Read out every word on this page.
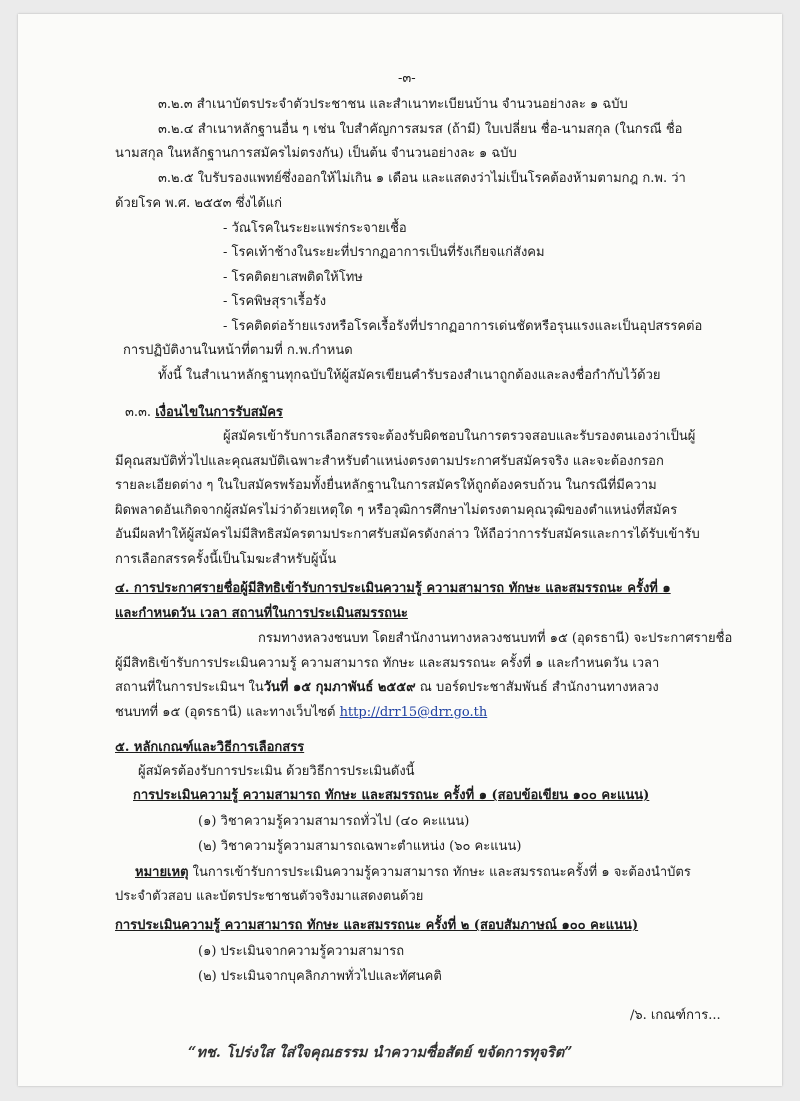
-๓-
๓.๒.๓ สำเนาบัตรประจำตัวประชาชน และสำเนาทะเบียนบ้าน จำนวนอย่างละ ๑ ฉบับ
๓.๒.๔ สำเนาหลักฐานอื่น ๆ เช่น ใบสำคัญการสมรส (ถ้ามี) ใบเปลี่ยน ชื่อ-นามสกุล (ในกรณี ชื่อ
นามสกุล ในหลักฐานการสมัครไม่ตรงกัน) เป็นต้น จำนวนอย่างละ ๑ ฉบับ
๓.๒.๕ ใบรับรองแพทย์ซึ่งออกให้ไม่เกิน ๑ เดือน และแสดงว่าไม่เป็นโรคต้องห้ามตามกฎ ก.พ. ว่า
ด้วยโรค พ.ศ. ๒๕๕๓ ซึ่งได้แก่
- วัณโรคในระยะแพร่กระจายเชื้อ
- โรคเท้าช้างในระยะที่ปรากฏอาการเป็นที่รังเกียจแก่สังคม
- โรคติดยาเสพติดให้โทษ
- โรคพิษสุราเรื้อรัง
- โรคติดต่อร้ายแรงหรือโรคเรื้อรังที่ปรากฏอาการเด่นชัดหรือรุนแรงและเป็นอุปสรรคต่อ
การปฏิบัติงานในหน้าที่ตามที่ ก.พ.กำหนด
ทั้งนี้ ในสำเนาหลักฐานทุกฉบับให้ผู้สมัครเขียนคำรับรองสำเนาถูกต้องและลงชื่อกำกับไว้ด้วย
๓.๓. เงื่อนไขในการรับสมัคร
ผู้สมัครเข้ารับการเลือกสรรจะต้องรับผิดชอบในการตรวจสอบและรับรองตนเองว่าเป็นผู้
มีคุณสมบัติทั่วไปและคุณสมบัติเฉพาะสำหรับตำแหน่งตรงตามประกาศรับสมัครจริง และจะต้องกรอก
รายละเอียดต่าง ๆ ในใบสมัครพร้อมทั้งยื่นหลักฐานในการสมัครให้ถูกต้องครบถ้วน ในกรณีที่มีความ
ผิดพลาดอันเกิดจากผู้สมัครไม่ว่าด้วยเหตุใด ๆ หรือวุฒิการศึกษาไม่ตรงตามคุณวุฒิของตำแหน่งที่สมัคร
อันมีผลทำให้ผู้สมัครไม่มีสิทธิสมัครตามประกาศรับสมัครดังกล่าว ให้ถือว่าการรับสมัครและการได้รับเข้ารับ
การเลือกสรรครั้งนี้เป็นโมฆะสำหรับผู้นั้น
๔. การประกาศรายชื่อผู้มีสิทธิเข้ารับการประเมินความรู้ ความสามารถ ทักษะ และสมรรถนะ ครั้งที่ ๑
และกำหนดวัน เวลา สถานที่ในการประเมินสมรรถนะ
กรมทางหลวงชนบท โดยสำนักงานทางหลวงชนบทที่ ๑๕ (อุดรธานี) จะประกาศรายชื่อ
ผู้มีสิทธิเข้ารับการประเมินความรู้ ความสามารถ ทักษะ และสมรรถนะ ครั้งที่ ๑ และกำหนดวัน เวลา
สถานที่ในการประเมินฯ ในวันที่ ๑๕ กุมภาพันธ์ ๒๕๕๙ ณ บอร์ดประชาสัมพันธ์ สำนักงานทางหลวง
ชนบทที่ ๑๕ (อุดรธานี) และทางเว็บไซต์ http://drr15@drr.go.th
๕. หลักเกณฑ์และวิธีการเลือกสรร
ผู้สมัครต้องรับการประเมิน ด้วยวิธีการประเมินดังนี้
การประเมินความรู้ ความสามารถ ทักษะ และสมรรถนะ ครั้งที่ ๑ (สอบข้อเขียน ๑๐๐ คะแนน)
(๑) วิชาความรู้ความสามารถทั่วไป (๔๐ คะแนน)
(๒) วิชาความรู้ความสามารถเฉพาะตำแหน่ง (๖๐ คะแนน)
หมายเหตุ ในการเข้ารับการประเมินความรู้ความสามารถ ทักษะ และสมรรถนะครั้งที่ ๑ จะต้องนำบัตร
ประจำตัวสอบ และบัตรประชาชนตัวจริงมาแสดงตนด้วย
การประเมินความรู้ ความสามารถ ทักษะ และสมรรถนะ ครั้งที่ ๒ (สอบสัมภาษณ์ ๑๐๐ คะแนน)
(๑) ประเมินจากความรู้ความสามารถ
(๒) ประเมินจากบุคลิกภาพทั่วไปและทัศนคติ
/๖. เกณฑ์การ...
“ทช. โปร่งใส ใส่ใจคุณธรรม นำความซื่อสัตย์ ขจัดการทุจริต”
